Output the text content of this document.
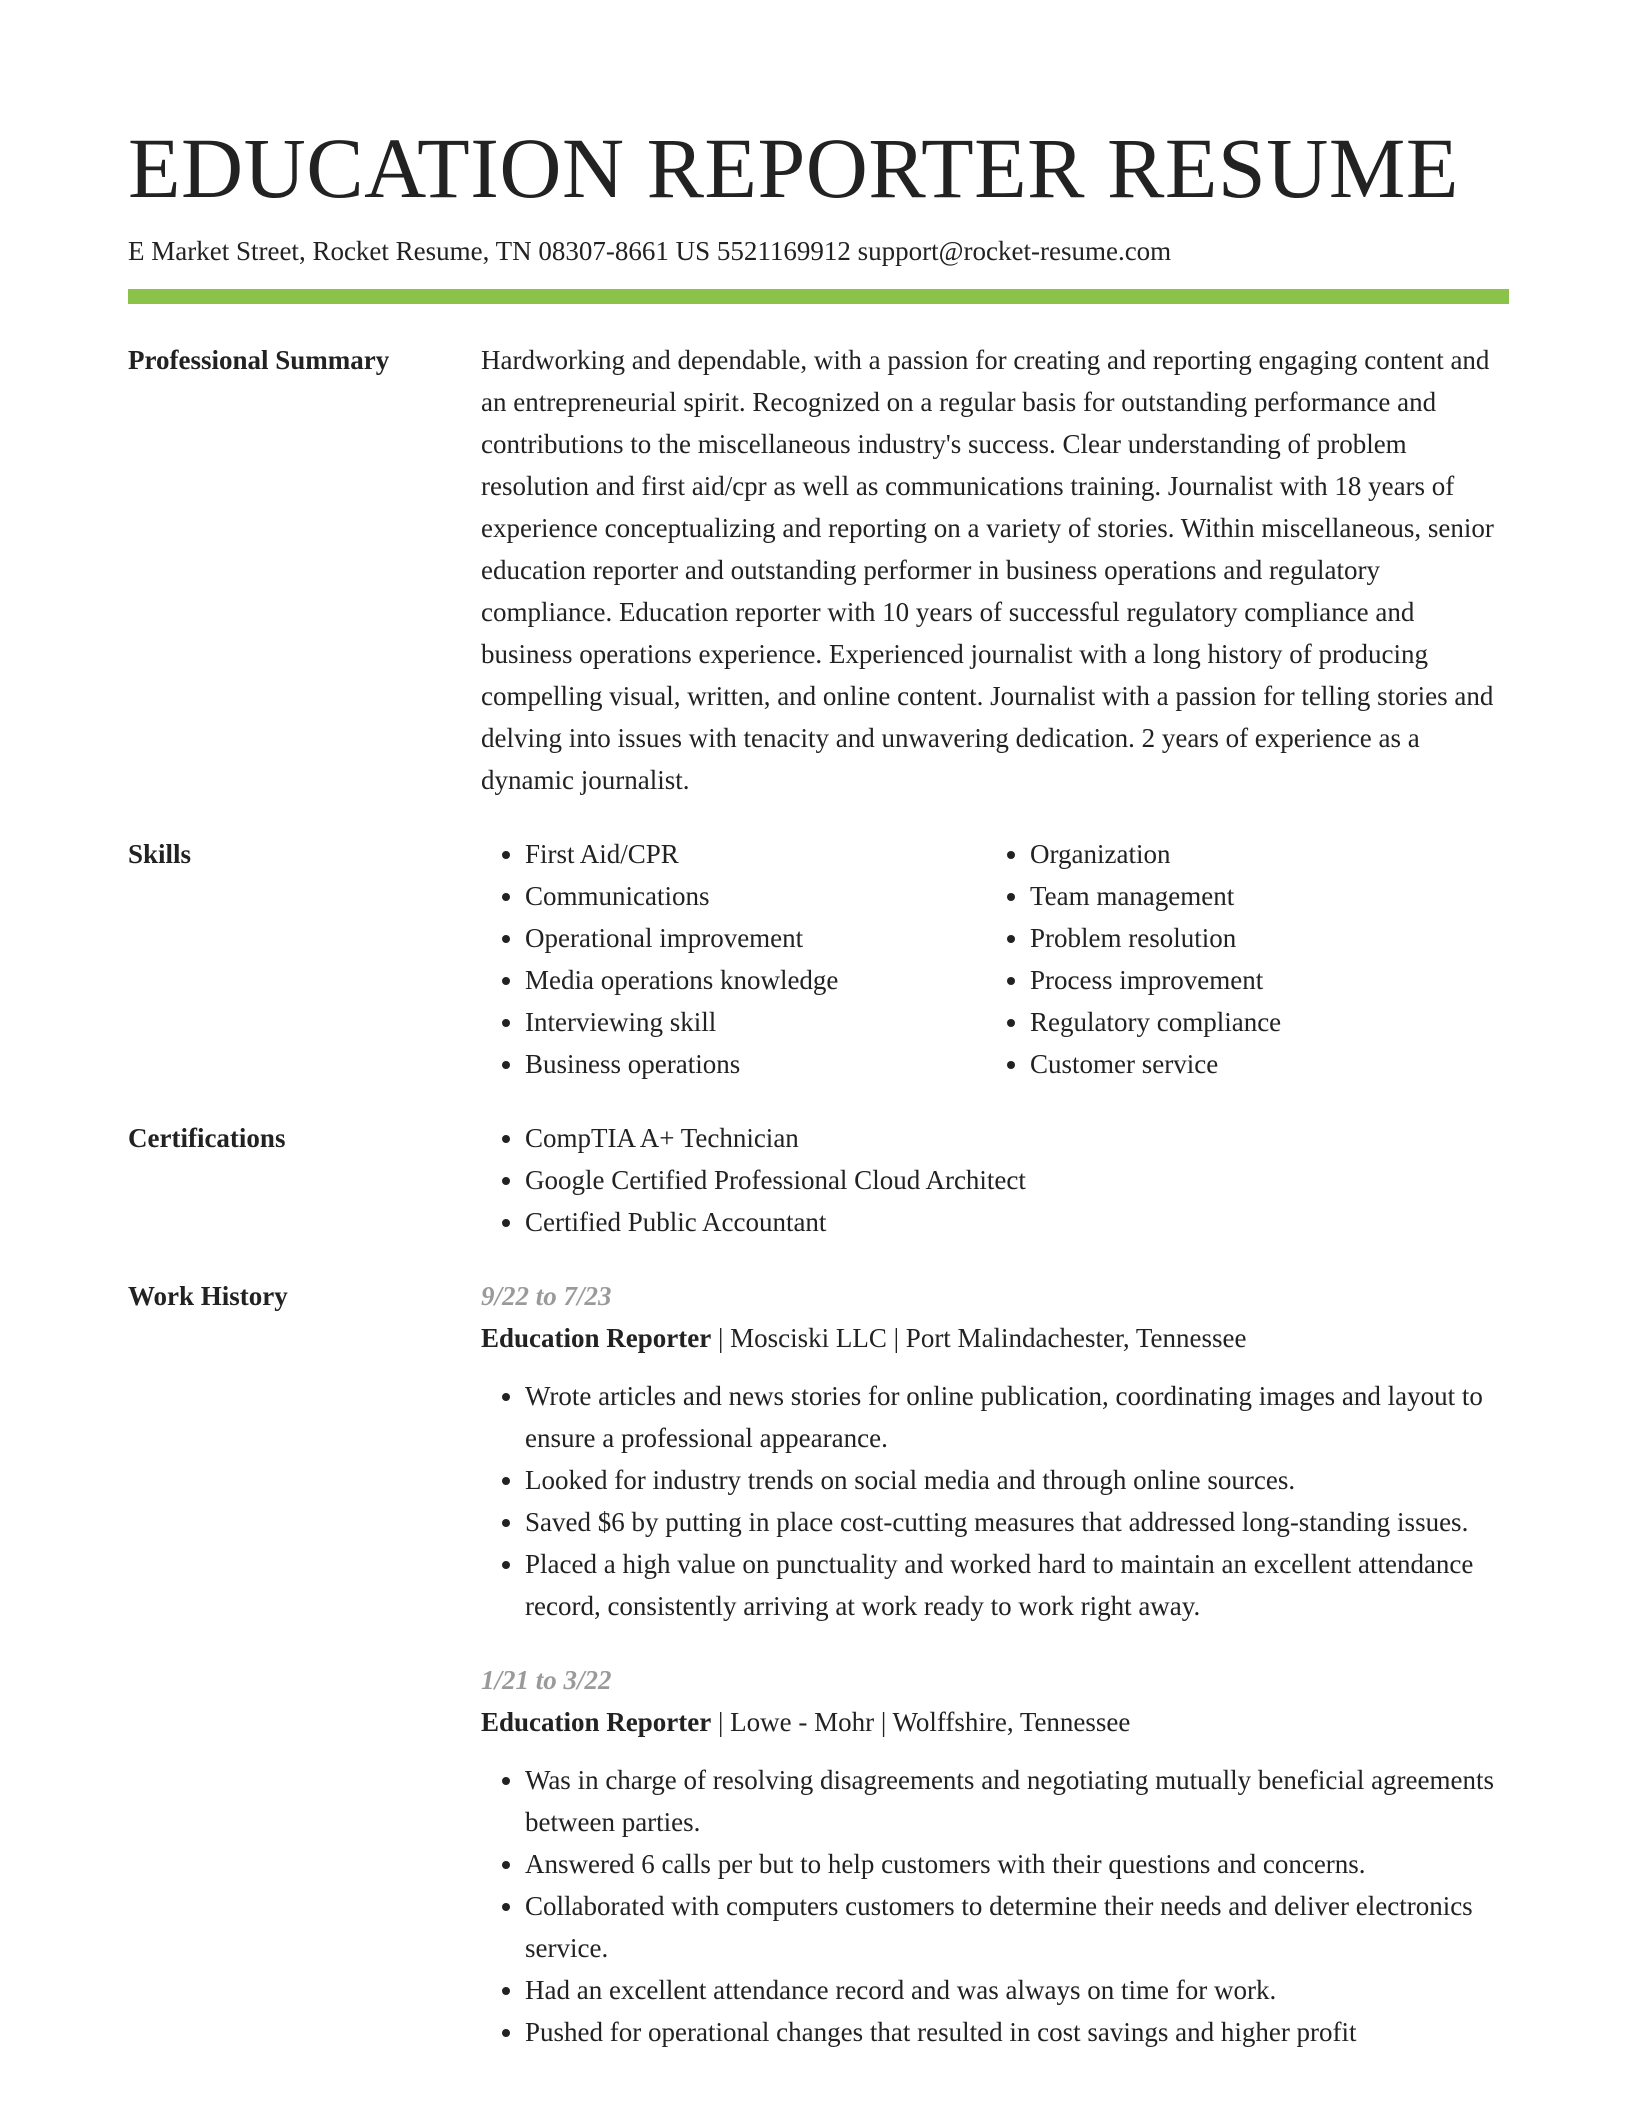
EDUCATION REPORTER RESUME
E Market Street, Rocket Resume, TN 08307-8661 US 5521169912 support@rocket-resume.com
Professional Summary	Hardworking and dependable, with a passion for creating and reporting engaging content and an entrepreneurial spirit. Recognized on a regular basis for outstanding performance and contributions to the miscellaneous industry's success. Clear understanding of problem resolution and first aid/cpr as well as communications training. Journalist with 18 years of experience conceptualizing and reporting on a variety of stories. Within miscellaneous, senior education reporter and outstanding performer in business operations and regulatory compliance. Education reporter with 10 years of successful regulatory compliance and business operations experience. Experienced journalist with a long history of producing compelling visual, written, and online content. Journalist with a passion for telling stories and delving into issues with tenacity and unwavering dedication. 2 years of experience as a dynamic journalist.

Skills	• First Aid/CPR
• Communications
• Operational improvement
• Media operations knowledge
• Interviewing skill
• Business operations
• Organization
• Team management
• Problem resolution
• Process improvement
• Regulatory compliance
• Customer service
Certifications	• CompTIA A+ Technician
• Google Certified Professional Cloud Architect
• Certified Public Accountant
Work History	9/22 to 7/23
Education Reporter | Mosciski LLC | Port Malindachester, Tennessee
• Wrote articles and news stories for online publication, coordinating images and layout to ensure a professional appearance.
• Looked for industry trends on social media and through online sources.
• Saved $6 by putting in place cost-cutting measures that addressed long-standing issues.
• Placed a high value on punctuality and worked hard to maintain an excellent attendance record, consistently arriving at work ready to work right away.
1/21 to 3/22
Education Reporter | Lowe - Mohr | Wolffshire, Tennessee
• Was in charge of resolving disagreements and negotiating mutually beneficial agreements between parties.
• Answered 6 calls per but to help customers with their questions and concerns.
• Collaborated with computers customers to determine their needs and deliver electronics service.
• Had an excellent attendance record and was always on time for work.
• Pushed for operational changes that resulted in cost savings and higher profit
